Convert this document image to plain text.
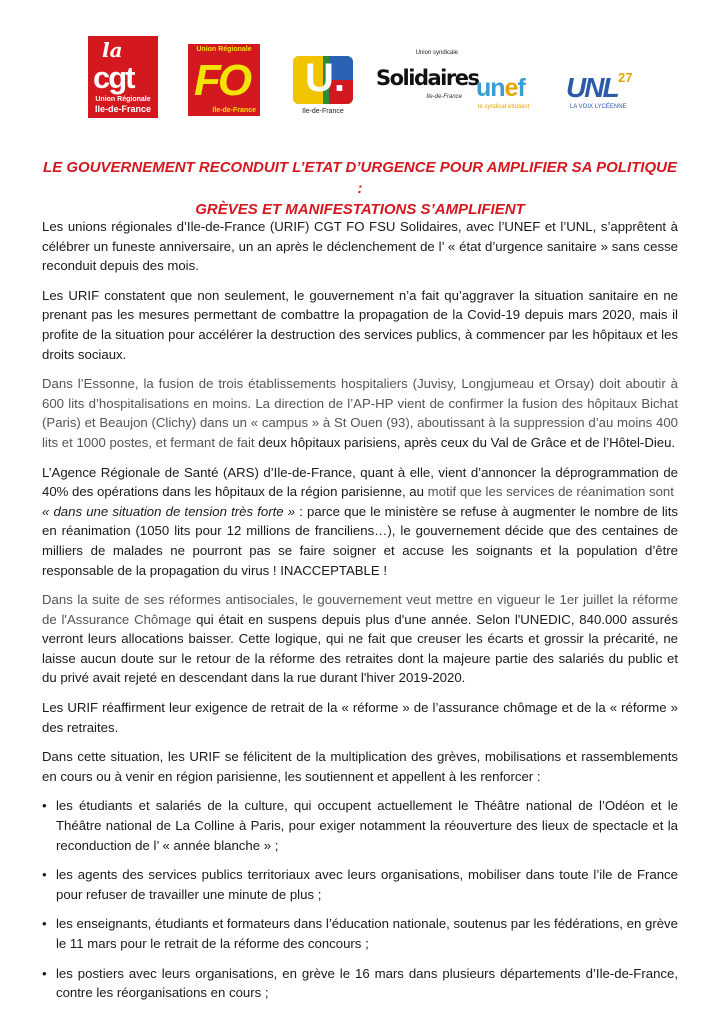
la
cgt
Union Régionale
Ile-de-France
Union Régionale
FO
Ile-de-France
U.
Ile-de-France
Union syndicale
Solidaires
Ile-de-France unef
le syndicat étudiant
UNL 27
LA VOIX LYCÉENNE
LE GOUVERNEMENT RECONDUIT L’ETAT D’URGENCE POUR AMPLIFIER SA POLITIQUE :
GRÈVES ET MANIFESTATIONS S’AMPLIFIENT

Les unions régionales d’Ile-de-France (URIF) CGT FO FSU Solidaires, avec l’UNEF et l’UNL, s’apprêtent à célébrer un funeste anniversaire, un an après le déclenchement de l’ « état d’urgence sanitaire » sans cesse reconduit depuis des mois.

Les URIF constatent que non seulement, le gouvernement n’a fait qu’aggraver la situation sanitaire en ne prenant pas les mesures permettant de combattre la propagation de la Covid-19 depuis mars 2020, mais il profite de la situation pour accélérer la destruction des services publics, à commencer par les hôpitaux et les droits sociaux.

Dans l’Essonne, la fusion de trois établissements hospitaliers (Juvisy, Longjumeau et Orsay) doit aboutir à 600 lits d’hospitalisations en moins. La direction de l’AP-HP vient de confirmer la fusion des hôpitaux Bichat (Paris) et Beaujon (Clichy) dans un « campus » à St Ouen (93), aboutissant à la suppression d’au moins 400 lits et 1000 postes, et fermant de fait deux hôpitaux parisiens, après ceux du Val de Grâce et de l’Hôtel-Dieu.

L’Agence Régionale de Santé (ARS) d’Ile-de-France, quant à elle, vient d’annoncer la déprogrammation de 40% des opérations dans les hôpitaux de la région parisienne, au motif que les services de réanimation sont
« dans une situation de tension très forte » : parce que le ministère se refuse à augmenter le nombre de lits en réanimation (1050 lits pour 12 millions de franciliens…), le gouvernement décide que des centaines de milliers de malades ne pourront pas se faire soigner et accuse les soignants et la population d’être responsable de la propagation du virus ! INACCEPTABLE !

Dans la suite de ses réformes antisociales, le gouvernement veut mettre en vigueur le 1er juillet la réforme de l'Assurance Chômage qui était en suspens depuis plus d'une année. Selon l'UNEDIC, 840.000 assurés verront leurs allocations baisser. Cette logique, qui ne fait que creuser les écarts et grossir la précarité, ne laisse aucun doute sur le retour de la réforme des retraites dont la majeure partie des salariés du public et du privé avait rejeté en descendant dans la rue durant l'hiver 2019-2020.

Les URIF réaffirment leur exigence de retrait de la « réforme » de l’assurance chômage et de la « réforme » des retraites.

Dans cette situation, les URIF se félicitent de la multiplication des grèves, mobilisations et rassemblements en cours ou à venir en région parisienne, les soutiennent et appellent à les renforcer :

• les étudiants et salariés de la culture, qui occupent actuellement le Théâtre national de l’Odéon et le Théâtre national de La Colline à Paris, pour exiger notamment la réouverture des lieux de spectacle et la reconduction de l’ « année blanche » ;
• les agents des services publics territoriaux avec leurs organisations, mobiliser dans toute l’ile de France pour refuser de travailler une minute de plus ;
• les enseignants, étudiants et formateurs dans l’éducation nationale, soutenus par les fédérations, en grève le 11 mars pour le retrait de la réforme des concours ;
• les postiers avec leurs organisations, en grève le 16 mars dans plusieurs départements d’Ile-de-France, contre les réorganisations en cours ;
